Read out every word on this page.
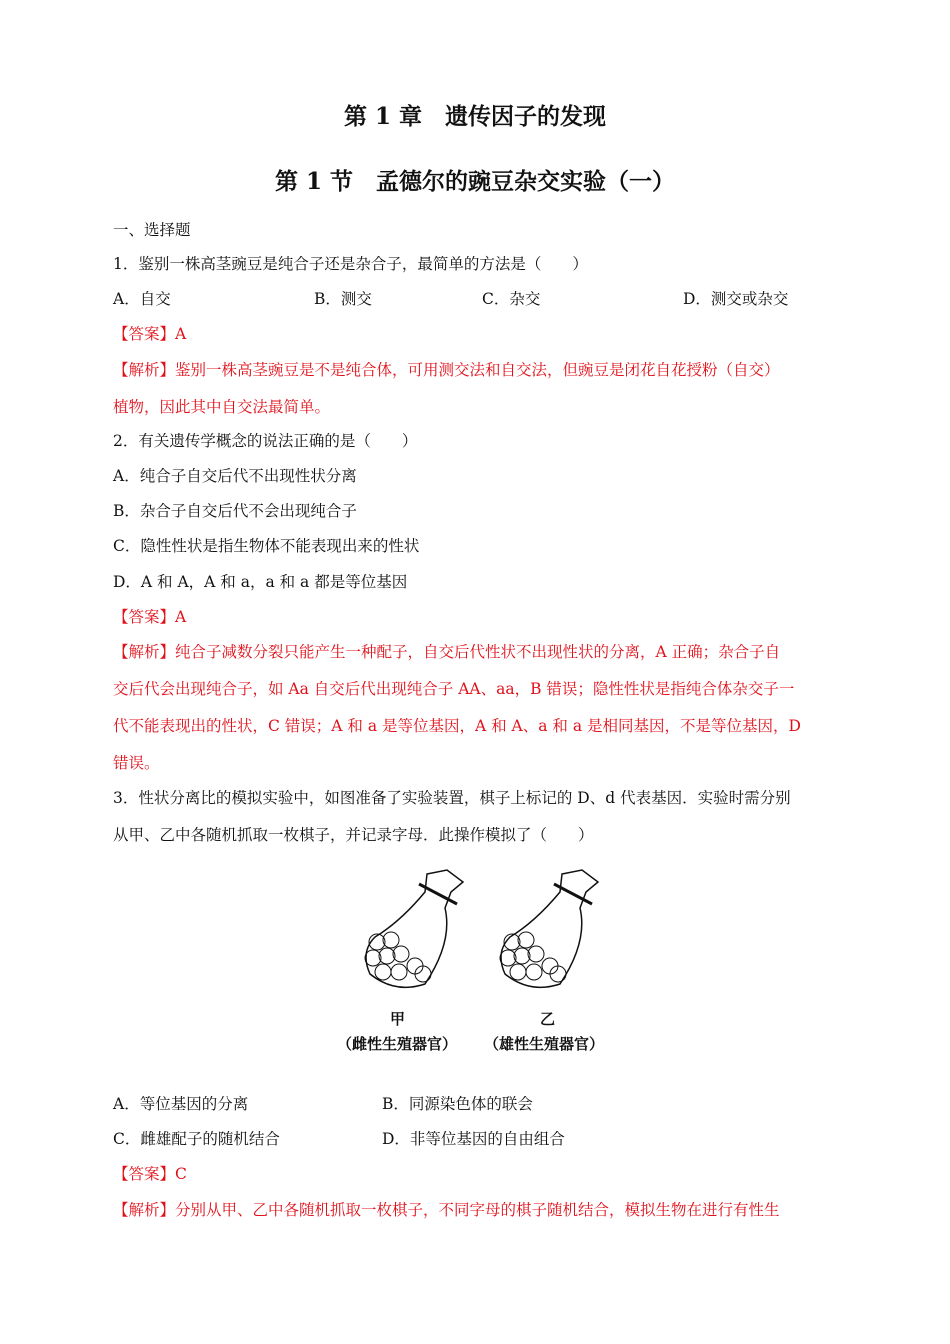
第 1 章　遗传因子的发现
第 1 节　孟德尔的豌豆杂交实验（一）
一、选择题
1．鉴别一株高茎豌豆是纯合子还是杂合子，最简单的方法是（　　）
A．自交	B．测交	C．杂交	D．测交或杂交
【答案】A
【解析】鉴别一株高茎豌豆是不是纯合体，可用测交法和自交法，但豌豆是闭花自花授粉（自交）
植物，因此其中自交法最简单。
2．有关遗传学概念的说法正确的是（　　）
A．纯合子自交后代不出现性状分离
B．杂合子自交后代不会出现纯合子
C．隐性性状是指生物体不能表现出来的性状
D．A 和 A，A 和 a，a 和 a 都是等位基因
【答案】A
【解析】纯合子减数分裂只能产生一种配子，自交后代性状不出现性状的分离，A 正确；杂合子自
交后代会出现纯合子，如 Aa 自交后代出现纯合子 AA、aa，B 错误；隐性性状是指纯合体杂交子一
代不能表现出的性状，C 错误；A 和 a 是等位基因，A 和 A、a 和 a 是相同基因，不是等位基因，D
错误。
3．性状分离比的模拟实验中，如图准备了实验装置，棋子上标记的 D、d 代表基因．实验时需分别
从甲、乙中各随机抓取一枚棋子，并记录字母．此操作模拟了（　　）
甲
（雌性生殖器官）
乙
（雄性生殖器官）
A．等位基因的分离	B．同源染色体的联会
C．雌雄配子的随机结合	D．非等位基因的自由组合
【答案】C
【解析】分别从甲、乙中各随机抓取一枚棋子，不同字母的棋子随机结合，模拟生物在进行有性生
